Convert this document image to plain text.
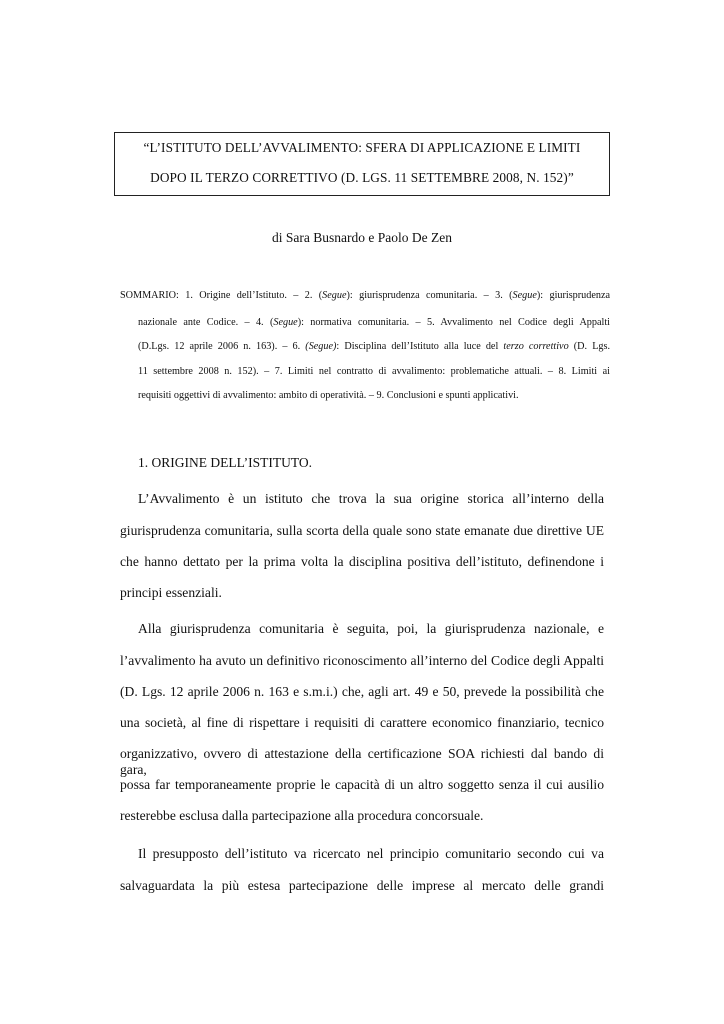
“L’ISTITUTO DELL’AVVALIMENTO: SFERA DI APPLICAZIONE E LIMITI
DOPO IL TERZO CORRETTIVO (D. LGS. 11 SETTEMBRE 2008, N. 152)”
di Sara Busnardo e Paolo De Zen
SOMMARIO: 1. Origine dell’Istituto. – 2. (Segue): giurisprudenza comunitaria. – 3. (Segue): giurisprudenza
nazionale ante Codice. – 4. (Segue): normativa comunitaria. – 5. Avvalimento nel Codice degli Appalti
(D.Lgs. 12 aprile 2006 n. 163). – 6. (Segue): Disciplina dell’Istituto alla luce del terzo correttivo (D. Lgs.
11 settembre 2008 n. 152). – 7. Limiti nel contratto di avvalimento: problematiche attuali. – 8. Limiti ai
requisiti oggettivi di avvalimento: ambito di operatività. – 9. Conclusioni e spunti applicativi.
1. ORIGINE DELL’ISTITUTO.
L’Avvalimento è un istituto che trova la sua origine storica all’interno della
giurisprudenza comunitaria, sulla scorta della quale sono state emanate due direttive UE
che hanno dettato per la prima volta la disciplina positiva dell’istituto, definendone i
principi essenziali.
Alla giurisprudenza comunitaria è seguita, poi, la giurisprudenza nazionale, e
l’avvalimento ha avuto un definitivo riconoscimento all’interno del Codice degli Appalti
(D. Lgs. 12 aprile 2006 n. 163 e s.m.i.) che, agli art. 49 e 50, prevede la possibilità che
una società, al fine di rispettare i requisiti di carattere economico finanziario, tecnico
organizzativo, ovvero di attestazione della certificazione SOA richiesti dal bando di gara,
possa far temporaneamente proprie le capacità di un altro soggetto senza il cui ausilio
resterebbe esclusa dalla partecipazione alla procedura concorsuale.
Il presupposto dell’istituto va ricercato nel principio comunitario secondo cui va
salvaguardata la più estesa partecipazione delle imprese al mercato delle grandi
